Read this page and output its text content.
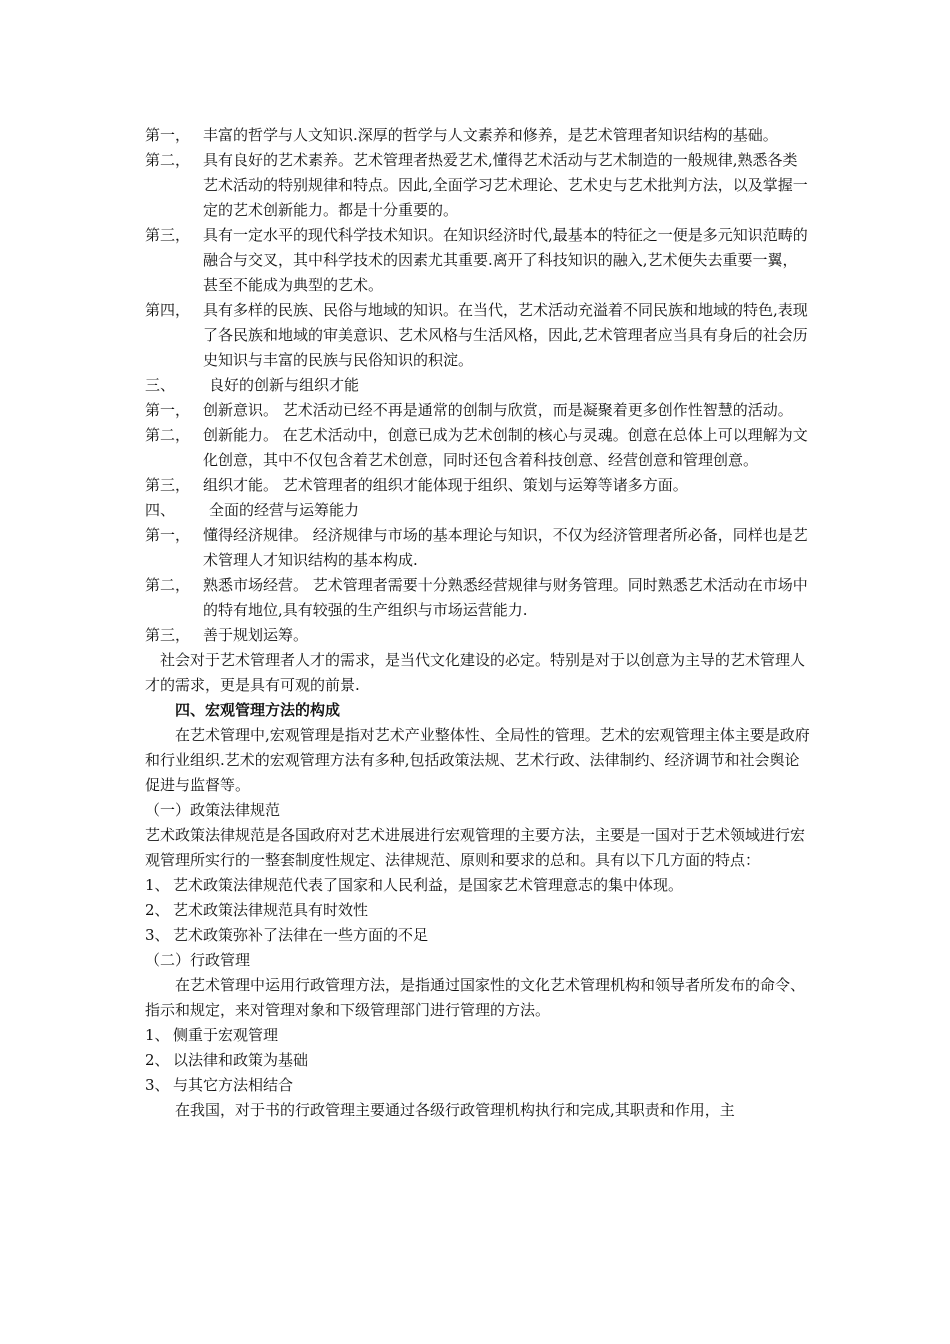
第一， 丰富的哲学与人文知识.深厚的哲学与人文素养和修养，是艺术管理者知识结构的基础。
第二， 具有良好的艺术素养。艺术管理者热爱艺术,懂得艺术活动与艺术制造的一般规律,熟悉各类艺术活动的特别规律和特点。因此,全面学习艺术理论、艺术史与艺术批判方法，以及掌握一定的艺术创新能力。都是十分重要的。
第三， 具有一定水平的现代科学技术知识。在知识经济时代,最基本的特征之一便是多元知识范畴的融合与交叉，其中科学技术的因素尤其重要.离开了科技知识的融入,艺术便失去重要一翼，甚至不能成为典型的艺术。
第四， 具有多样的民族、民俗与地域的知识。在当代，艺术活动充溢着不同民族和地域的特色,表现了各民族和地域的审美意识、艺术风格与生活风格，因此,艺术管理者应当具有身后的社会历史知识与丰富的民族与民俗知识的积淀。
三、	良好的创新与组织才能
第一， 创新意识。 艺术活动已经不再是通常的创制与欣赏，而是凝聚着更多创作性智慧的活动。
第二， 创新能力。 在艺术活动中，创意已成为艺术创制的核心与灵魂。创意在总体上可以理解为文化创意，其中不仅包含着艺术创意，同时还包含着科技创意、经营创意和管理创意。
第三， 组织才能。 艺术管理者的组织才能体现于组织、策划与运筹等诸多方面。
四、	全面的经营与运筹能力
第一， 懂得经济规律。 经济规律与市场的基本理论与知识，不仅为经济管理者所必备，同样也是艺术管理人才知识结构的基本构成.
第二， 熟悉市场经营。 艺术管理者需要十分熟悉经营规律与财务管理。同时熟悉艺术活动在市场中的特有地位,具有较强的生产组织与市场运营能力.
第三， 善于规划运筹。
社会对于艺术管理者人才的需求，是当代文化建设的必定。特别是对于以创意为主导的艺术管理人才的需求，更是具有可观的前景.
四、宏观管理方法的构成
在艺术管理中,宏观管理是指对艺术产业整体性、全局性的管理。艺术的宏观管理主体主要是政府和行业组织.艺术的宏观管理方法有多种,包括政策法规、艺术行政、法律制约、经济调节和社会舆论促进与监督等。
（一）政策法律规范
艺术政策法律规范是各国政府对艺术进展进行宏观管理的主要方法，主要是一国对于艺术领域进行宏观管理所实行的一整套制度性规定、法律规范、原则和要求的总和。具有以下几方面的特点：
1、 艺术政策法律规范代表了国家和人民利益，是国家艺术管理意志的集中体现。
2、 艺术政策法律规范具有时效性
3、 艺术政策弥补了法律在一些方面的不足
（二）行政管理
在艺术管理中运用行政管理方法，是指通过国家性的文化艺术管理机构和领导者所发布的命令、指示和规定，来对管理对象和下级管理部门进行管理的方法。
1、 侧重于宏观管理
2、 以法律和政策为基础
3、 与其它方法相结合
在我国，对于书的行政管理主要通过各级行政管理机构执行和完成,其职责和作用，主
